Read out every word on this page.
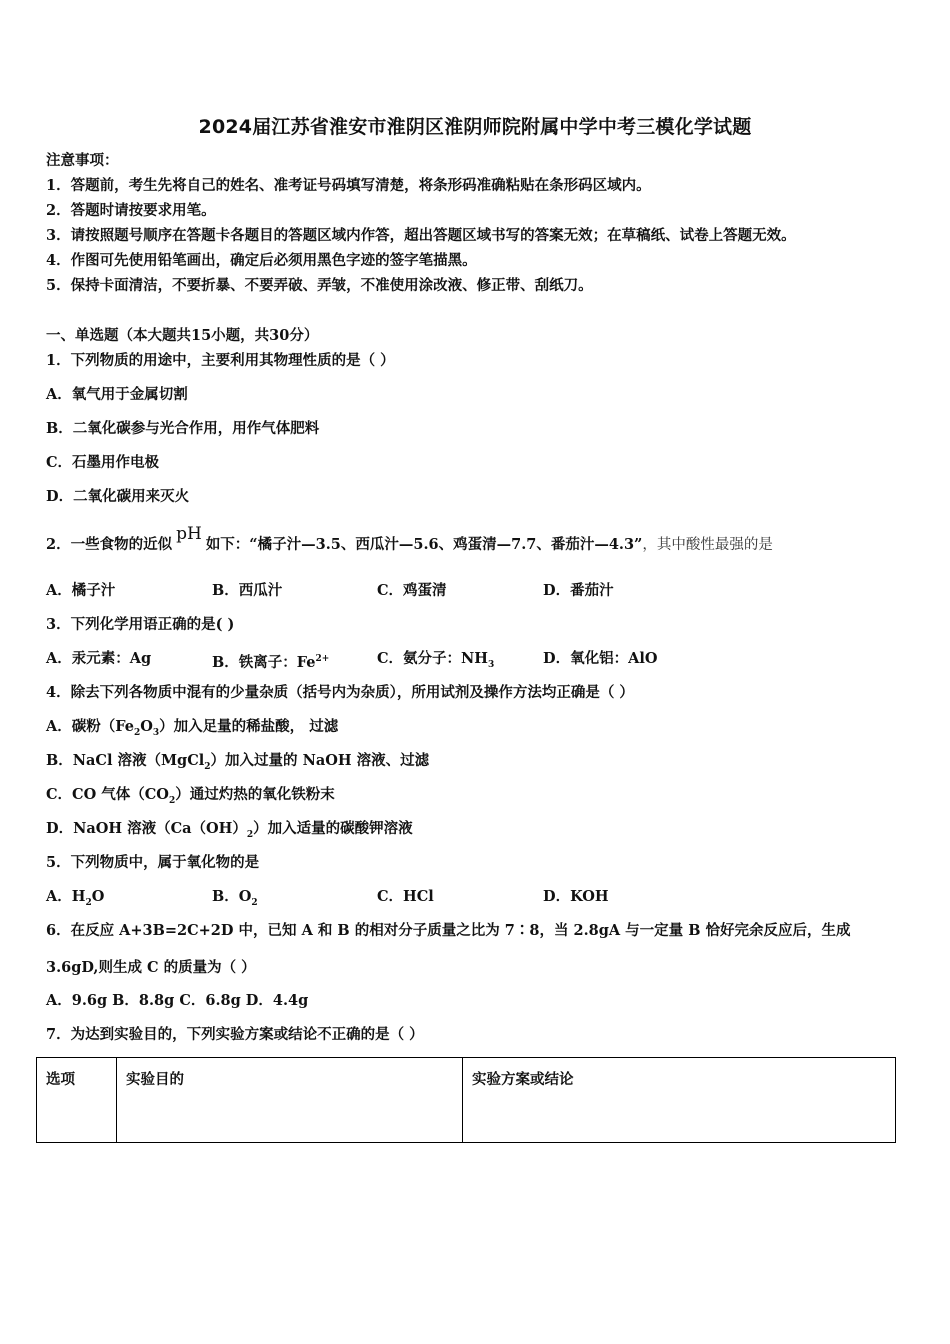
2024届江苏省淮安市淮阴区淮阴师院附属中学中考三模化学试题
注意事项：
1．答题前，考生先将自己的姓名、准考证号码填写清楚，将条形码准确粘贴在条形码区域内。
2．答题时请按要求用笔。
3．请按照题号顺序在答题卡各题目的答题区域内作答，超出答题区域书写的答案无效；在草稿纸、试卷上答题无效。
4．作图可先使用铅笔画出，确定后必须用黑色字迹的签字笔描黑。
5．保持卡面清洁，不要折暴、不要弄破、弄皱，不准使用涂改液、修正带、刮纸刀。
一、单选题（本大题共15小题，共30分）
1．下列物质的用途中，主要利用其物理性质的是（ ）
A．氧气用于金属切割
B．二氧化碳参与光合作用，用作气体肥料
C．石墨用作电极
D．二氧化碳用来灭火
2．一些食物的近似pH如下：“橘子汁—3.5、西瓜汁—5.6、鸡蛋清—7.7、番茄汁—4.3”，其中酸性最强的是
A．橘子汁	B．西瓜汁	C．鸡蛋清	D．番茄汁
3．下列化学用语正确的是( )
A．汞元素：Ag	B．铁离子：$Fe^{2+}$	C．氨分子：$NH_3$	D．氧化铝：AlO
4．除去下列各物质中混有的少量杂质（括号内为杂质），所用试剂及操作方法均正确是（ ）
A．碳粉$(Fe_2O_3)$加入足量的稀盐酸， 过滤
B．NaCl 溶液（MgCl$_2$）加入过量的 NaOH 溶液、过滤
C．CO 气体$(CO_2)$通过灼热的氧化铁粉末
D．NaOH 溶液$(Ca(OH)_2)$加入适量的碳酸钾溶液
5．下列物质中，属于氧化物的是
A．$H_2O$	B．$O_2$	C．HCl	D．KOH
6．在反应 A+3B=2C+2D 中，已知 A 和 B 的相对分子质量之比为 7∶8，当 2.8gA 与一定量 B 恰好完余反应后，生成
3.6gD,则生成 C 的质量为（ ）
A．9.6g B．8.8g C．6.8g D．4.4g
7．为达到实验目的，下列实验方案或结论不正确的是（ ）
选项	实验目的	实验方案或结论
